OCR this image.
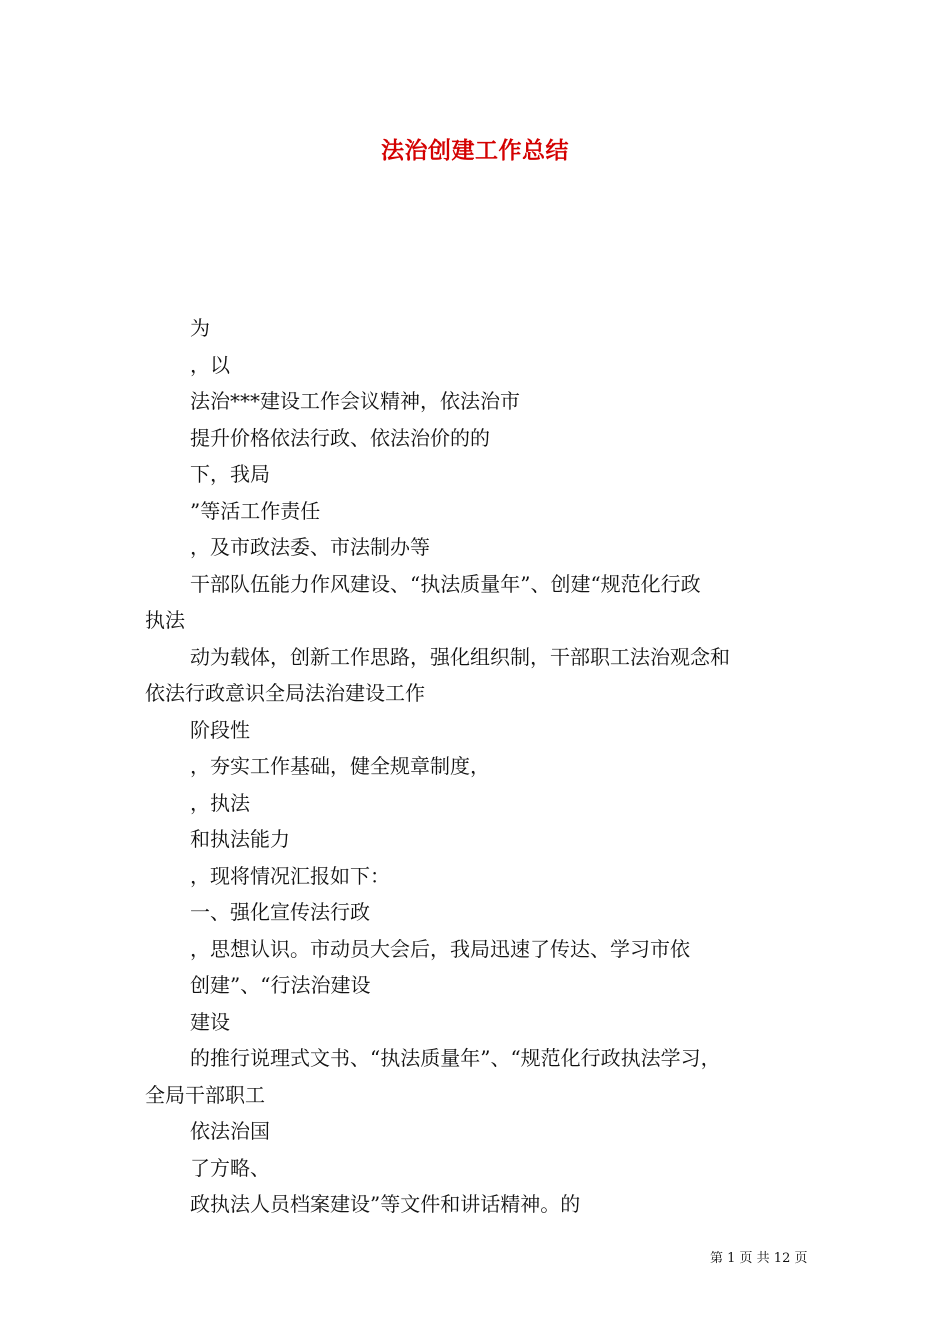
法治创建工作总结
为
，以
法治***建设工作会议精神，依法治市
提升价格依法行政、依法治价的的
下，我局
”等活工作责任
，及市政法委、市法制办等
干部队伍能力作风建设、“执法质量年”、创建“规范化行政
执法
动为载体，创新工作思路，强化组织制，干部职工法治观念和
依法行政意识全局法治建设工作
阶段性
，夯实工作基础，健全规章制度，
，执法
和执法能力
，现将情况汇报如下：
一、强化宣传法行政
，思想认识。市动员大会后，我局迅速了传达、学习市依
创建”、“行法治建设
建设
的推行说理式文书、“执法质量年”、“规范化行政执法学习，
全局干部职工
依法治国
了方略、
政执法人员档案建设”等文件和讲话精神。的
第 1 页 共 12 页
